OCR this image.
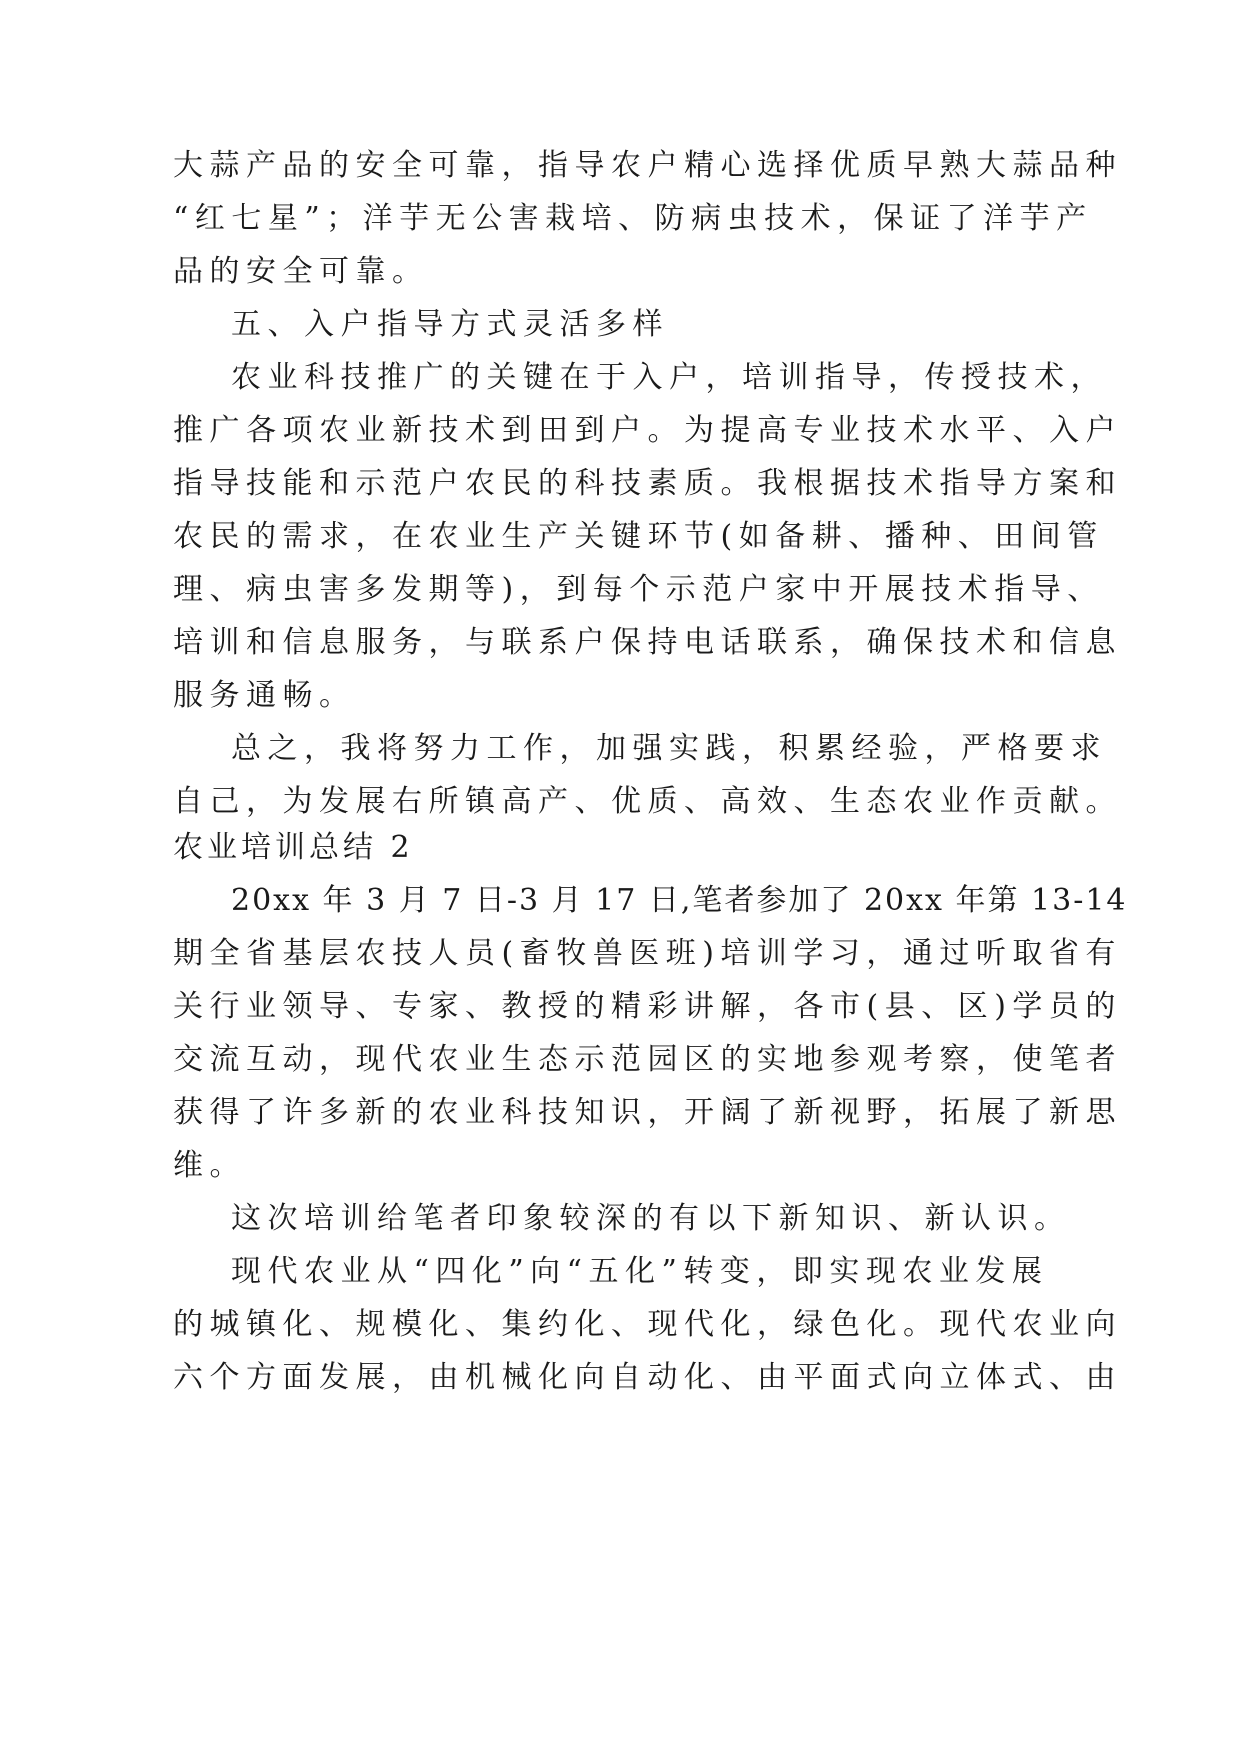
大蒜产品的安全可靠，指导农户精心选择优质早熟大蒜品种
“红七星”；洋芋无公害栽培、防病虫技术，保证了洋芋产
品的安全可靠。
五、入户指导方式灵活多样
农业科技推广的关键在于入户，培训指导，传授技术，
推广各项农业新技术到田到户。为提高专业技术水平、入户
指导技能和示范户农民的科技素质。我根据技术指导方案和
农民的需求，在农业生产关键环节(如备耕、播种、田间管
理、病虫害多发期等)，到每个示范户家中开展技术指导、
培训和信息服务，与联系户保持电话联系，确保技术和信息
服务通畅。
总之，我将努力工作，加强实践，积累经验，严格要求
自己，为发展右所镇高产、优质、高效、生态农业作贡献。
农业培训总结 2
20xx 年 3 月 7 日-3 月 17 日,笔者参加了 20xx 年第 13-14
期全省基层农技人员(畜牧兽医班)培训学习，通过听取省有
关行业领导、专家、教授的精彩讲解，各市(县、区)学员的
交流互动，现代农业生态示范园区的实地参观考察，使笔者
获得了许多新的农业科技知识，开阔了新视野，拓展了新思
维。
这次培训给笔者印象较深的有以下新知识、新认识。
现代农业从“四化”向“五化”转变，即实现农业发展
的城镇化、规模化、集约化、现代化，绿色化。现代农业向
六个方面发展，由机械化向自动化、由平面式向立体式、由
